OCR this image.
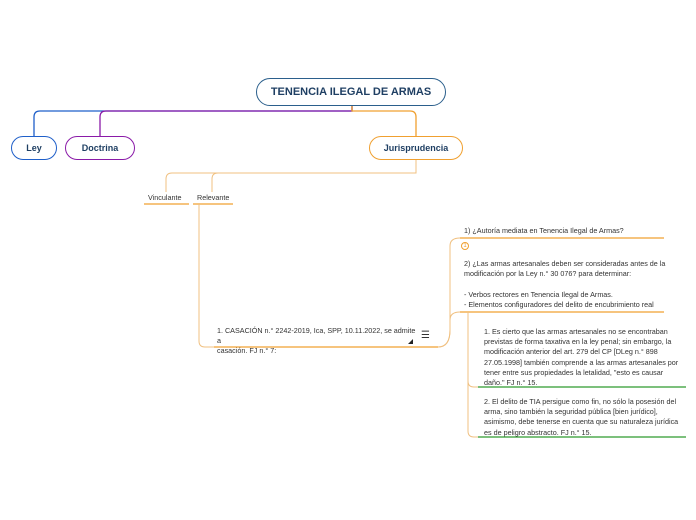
TENENCIA ILEGAL DE ARMAS
Ley	Doctrina	Jurisprudencia
Vinculante Relevante
1. CASACIÓN n.° 2242-2019, Ica, SPP, 10.11.2022, se admite a
casación. FJ n.° 7:
☰
1) ¿Autoría mediata en Tenencia Ilegal de Armas?
1
2) ¿Las armas artesanales deben ser consideradas antes de la
modificación por la Ley n.° 30 076? para determinar:
- Verbos rectores en Tenencia Ilegal de Armas.
- Elementos configuradores del delito de encubrimiento real
1. Es cierto que las armas artesanales no se encontraban
previstas de forma taxativa en la ley penal; sin embargo, la
modificación anterior del art. 279 del CP [DLeg n.° 898
27.05.1998] también comprende a las armas artesanales por
tener entre sus propiedades la letalidad, "esto es causar
daño." FJ n.° 15.
2. El delito de TIA persigue como fin, no sólo la posesión del
arma, sino también la seguridad pública [bien jurídico],
asimismo, debe tenerse en cuenta que su naturaleza jurídica
es de peligro abstracto. FJ n.° 15.
